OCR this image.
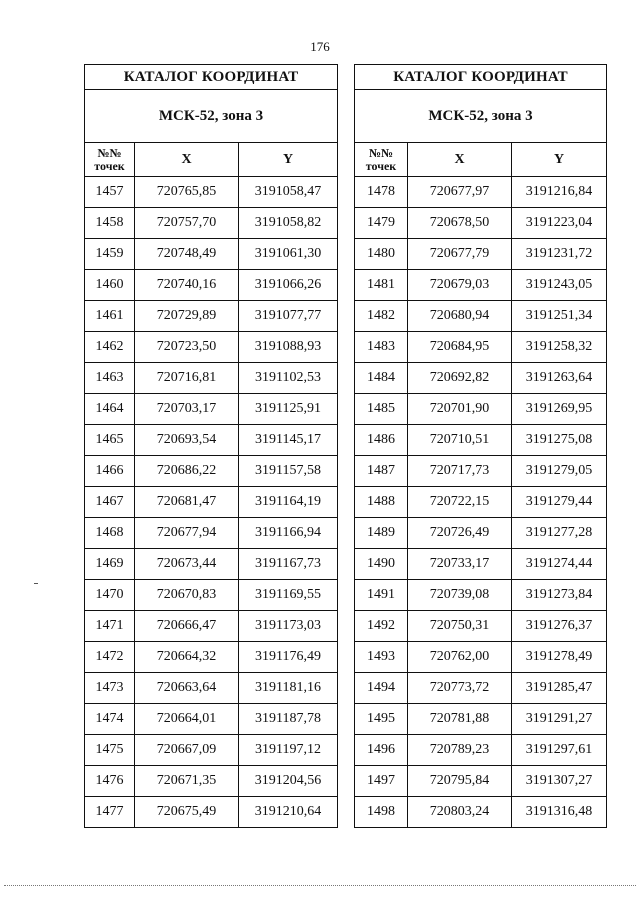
176
КАТАЛОГ КООРДИНАТ		
МСК-52, зона 3		
№№ точек	X	Y
1457	720765,85	3191058,47
1458	720757,70	3191058,82
1459	720748,49	3191061,30
1460	720740,16	3191066,26
1461	720729,89	3191077,77
1462	720723,50	3191088,93
1463	720716,81	3191102,53
1464	720703,17	3191125,91
1465	720693,54	3191145,17
1466	720686,22	3191157,58
1467	720681,47	3191164,19
1468	720677,94	3191166,94
1469	720673,44	3191167,73
1470	720670,83	3191169,55
1471	720666,47	3191173,03
1472	720664,32	3191176,49
1473	720663,64	3191181,16
1474	720664,01	3191187,78
1475	720667,09	3191197,12
1476	720671,35	3191204,56
1477	720675,49	3191210,64
КАТАЛОГ КООРДИНАТ		
МСК-52, зона 3		
№№ точек	X	Y
1478	720677,97	3191216,84
1479	720678,50	3191223,04
1480	720677,79	3191231,72
1481	720679,03	3191243,05
1482	720680,94	3191251,34
1483	720684,95	3191258,32
1484	720692,82	3191263,64
1485	720701,90	3191269,95
1486	720710,51	3191275,08
1487	720717,73	3191279,05
1488	720722,15	3191279,44
1489	720726,49	3191277,28
1490	720733,17	3191274,44
1491	720739,08	3191273,84
1492	720750,31	3191276,37
1493	720762,00	3191278,49
1494	720773,72	3191285,47
1495	720781,88	3191291,27
1496	720789,23	3191297,61
1497	720795,84	3191307,27
1498	720803,24	3191316,48
